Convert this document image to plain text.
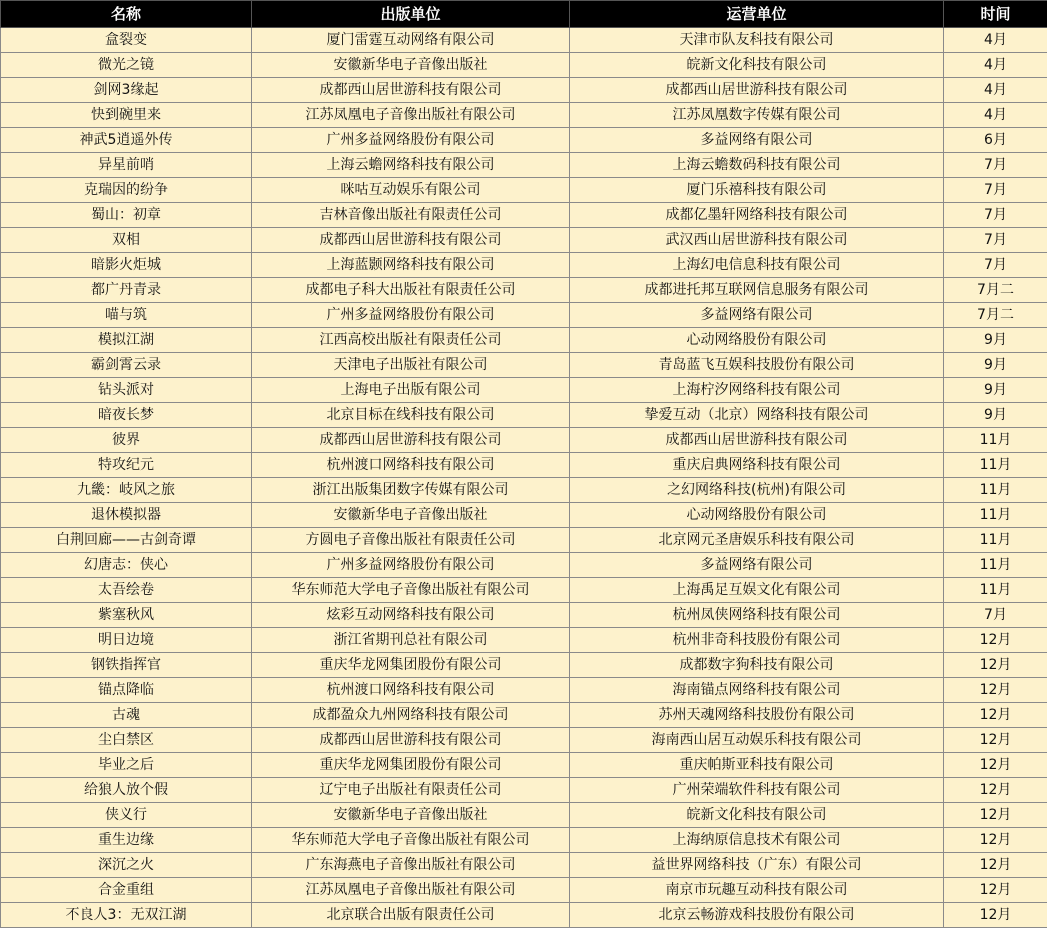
名称	出版单位	运营单位	时间
盒裂变	厦门雷霆互动网络有限公司	天津市队友科技有限公司	4月
微光之镜	安徽新华电子音像出版社	皖新文化科技有限公司	4月
剑网3缘起	成都西山居世游科技有限公司	成都西山居世游科技有限公司	4月
快到碗里来	江苏凤凰电子音像出版社有限公司	江苏凤凰数字传媒有限公司	4月
神武5逍遥外传	广州多益网络股份有限公司	多益网络有限公司	6月
异星前哨	上海云蟾网络科技有限公司	上海云蟾数码科技有限公司	7月
克瑞因的纷争	咪咕互动娱乐有限公司	厦门乐禧科技有限公司	7月
蜀山：初章	吉林音像出版社有限责任公司	成都亿墨轩网络科技有限公司	7月
双相	成都西山居世游科技有限公司	武汉西山居世游科技有限公司	7月
暗影火炬城	上海蓝颢网络科技有限公司	上海幻电信息科技有限公司	7月
都广丹青录	成都电子科大出版社有限责任公司	成都进托邦互联网信息服务有限公司	7月二
喵与筑	广州多益网络股份有限公司	多益网络有限公司	7月二
模拟江湖	江西高校出版社有限责任公司	心动网络股份有限公司	9月
霸剑霄云录	天津电子出版社有限公司	青岛蓝飞互娱科技股份有限公司	9月
钻头派对	上海电子出版有限公司	上海柠汐网络科技有限公司	9月
暗夜长梦	北京目标在线科技有限公司	挚爱互动（北京）网络科技有限公司	9月
彼界	成都西山居世游科技有限公司	成都西山居世游科技有限公司	11月
特攻纪元	杭州渡口网络科技有限公司	重庆启典网络科技有限公司	11月
九畿：岐风之旅	浙江出版集团数字传媒有限公司	之幻网络科技(杭州)有限公司	11月
退休模拟器	安徽新华电子音像出版社	心动网络股份有限公司	11月
白荆回廊——古剑奇谭	方圆电子音像出版社有限责任公司	北京网元圣唐娱乐科技有限公司	11月
幻唐志：侠心	广州多益网络股份有限公司	多益网络有限公司	11月
太吾绘卷	华东师范大学电子音像出版社有限公司	上海禹足互娱文化有限公司	11月
紫塞秋风	炫彩互动网络科技有限公司	杭州凤侠网络科技有限公司	7月
明日边境	浙江省期刊总社有限公司	杭州非奇科技股份有限公司	12月
钢铁指挥官	重庆华龙网集团股份有限公司	成都数字狗科技有限公司	12月
锚点降临	杭州渡口网络科技有限公司	海南锚点网络科技有限公司	12月
古魂	成都盈众九州网络科技有限公司	苏州天魂网络科技股份有限公司	12月
尘白禁区	成都西山居世游科技有限公司	海南西山居互动娱乐科技有限公司	12月
毕业之后	重庆华龙网集团股份有限公司	重庆帕斯亚科技有限公司	12月
给狼人放个假	辽宁电子出版社有限责任公司	广州荣端软件科技有限公司	12月
侠义行	安徽新华电子音像出版社	皖新文化科技有限公司	12月
重生边缘	华东师范大学电子音像出版社有限公司	上海纳原信息技术有限公司	12月
深沉之火	广东海燕电子音像出版社有限公司	益世界网络科技（广东）有限公司	12月
合金重组	江苏凤凰电子音像出版社有限公司	南京市玩趣互动科技有限公司	12月
不良人3：无双江湖	北京联合出版有限责任公司	北京云畅游戏科技股份有限公司	12月
